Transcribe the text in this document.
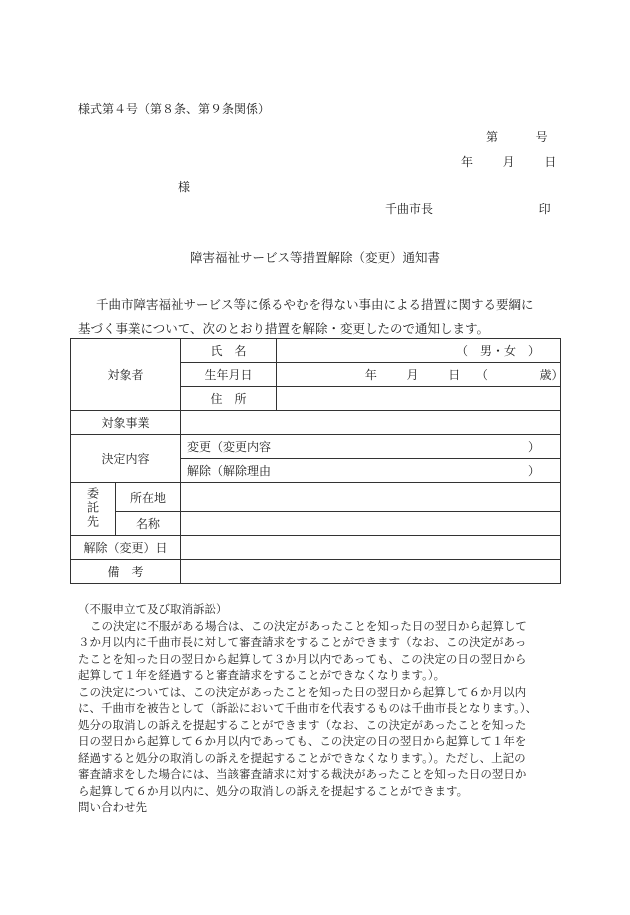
様式第４号（第８条、第９条関係）
第	号
年 月 日
様
千曲市長	印
障害福祉サービス等措置解除（変更）通知書
千曲市障害福祉サービス等に係るやむを得ない事由による措置に関する要綱に
基づく事業について、次のとおり措置を解除・変更したので通知します。
対象者		氏　名	（　男・女　）

		生年月日	年 月 日 （ 歳）
		住　所	
対象事業			
決定内容		変更（変更内容 ）	

		解除（解除理由 ）	

委託先	所在地		
	名称		
解除（変更）日			
備　考			

（不服申立て及び取消訴訟）

この決定に不服がある場合は、この決定があったことを知った日の翌日から起算して

３か月以内に千曲市長に対して審査請求をすることができます（なお、この決定があっ

たことを知った日の翌日から起算して３か月以内であっても、この決定の日の翌日から

起算して１年を経過すると審査請求をすることができなくなります。）。

この決定については、この決定があったことを知った日の翌日から起算して６か月以内

に、千曲市を被告として（訴訟において千曲市を代表するものは千曲市長となります。）、

処分の取消しの訴えを提起することができます（なお、この決定があったことを知った

日の翌日から起算して６か月以内であっても、この決定の日の翌日から起算して１年を

経過すると処分の取消しの訴えを提起することができなくなります。）。ただし、上記の

審査請求をした場合には、当該審査請求に対する裁決があったことを知った日の翌日か

ら起算して６か月以内に、処分の取消しの訴えを提起することができます。

問い合わせ先
